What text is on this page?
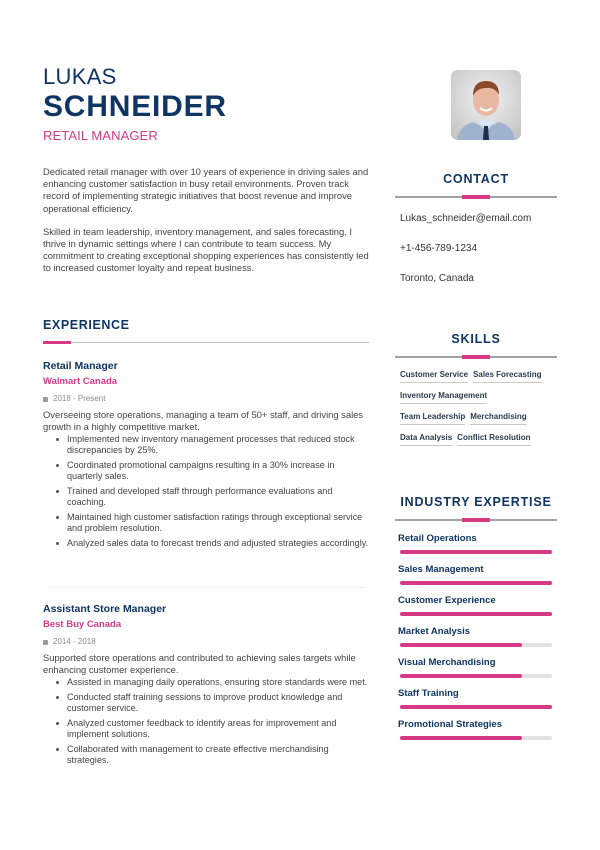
LUKAS
SCHNEIDER
RETAIL MANAGER

Dedicated retail manager with over 10 years of experience in driving sales and enhancing customer satisfaction in busy retail environments. Proven track record of implementing strategic initiatives that boost revenue and improve operational efficiency.

Skilled in team leadership, inventory management, and sales forecasting, I thrive in dynamic settings where I can contribute to team success. My commitment to creating exceptional shopping experiences has consistently led to increased customer loyalty and repeat business.

EXPERIENCE
Retail Manager
Walmart Canada
2018 - Present
Overseeing store operations, managing a team of 50+ staff, and driving sales growth in a highly competitive market.
Implemented new inventory management processes that reduced stock discrepancies by 25%.
Coordinated promotional campaigns resulting in a 30% increase in quarterly sales.
Trained and developed staff through performance evaluations and coaching.
Maintained high customer satisfaction ratings through exceptional service and problem resolution.
Analyzed sales data to forecast trends and adjusted strategies accordingly.
Assistant Store Manager
Best Buy Canada
2014 - 2018
Supported store operations and contributed to achieving sales targets while enhancing customer experience.
Assisted in managing daily operations, ensuring store standards were met.
Conducted staff training sessions to improve product knowledge and customer service.
Analyzed customer feedback to identify areas for improvement and implement solutions.
Collaborated with management to create effective merchandising strategies.
CONTACT
Lukas_schneider@email.com
+1-456-789-1234
Toronto, Canada
SKILLS
Customer Service Sales Forecasting
Inventory Management
Team Leadership Merchandising
Data Analysis Conflict Resolution
INDUSTRY EXPERTISE
Retail Operations
Sales Management
Customer Experience
Market Analysis
Visual Merchandising
Staff Training
Promotional Strategies
